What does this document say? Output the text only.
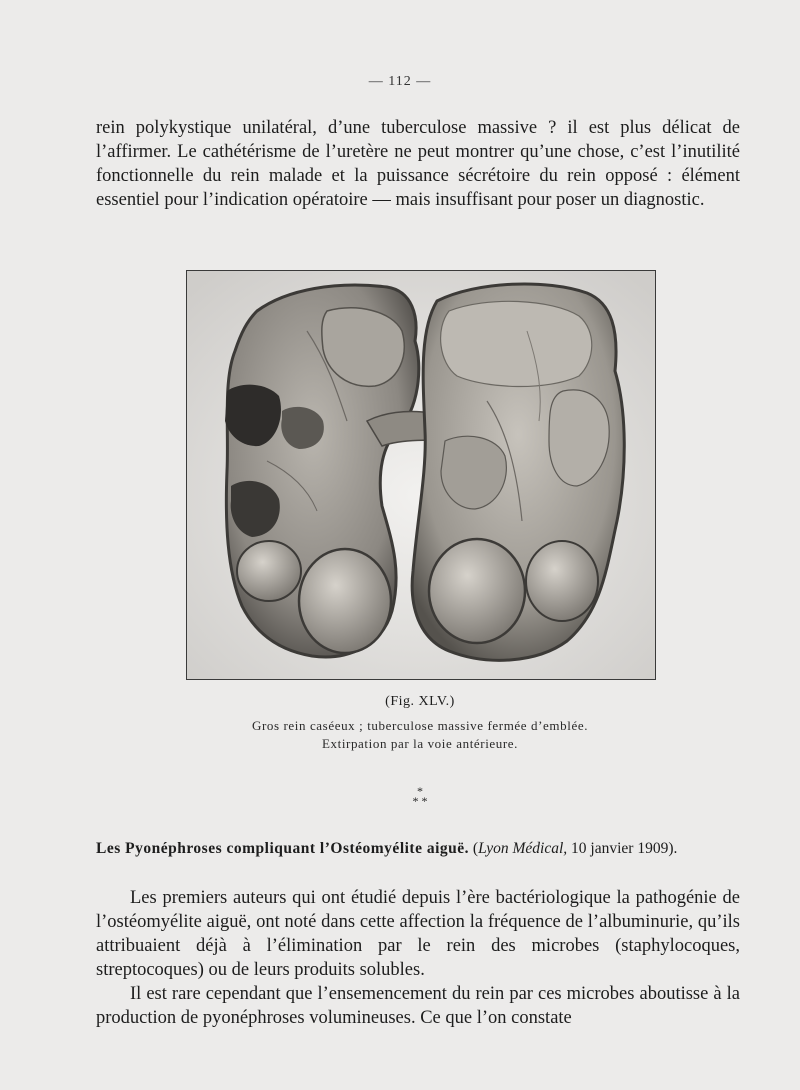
— 112 —

rein polykystique unilatéral, d’une tuberculose massive ? il est plus délicat de l’affirmer. Le cathétérisme de l’uretère ne peut montrer qu’une chose, c’est l’inutilité fonctionnelle du rein malade et la puissance sécrétoire du rein opposé : élément essentiel pour l’indication opératoire — mais insuffisant pour poser un diagnostic.

(Fig. XLV.)
Gros rein caséeux ; tuberculose massive fermée d’emblée.
Extirpation par la voie antérieure.
*
* *

Les Pyonéphroses compliquant l’Ostéomyélite aiguë. (Lyon Médical, 10 janvier 1909).

Les premiers auteurs qui ont étudié depuis l’ère bactériologique la pathogénie de l’ostéomyélite aiguë, ont noté dans cette affection la fréquence de l’albuminurie, qu’ils attribuaient déjà à l’élimination par le rein des microbes (staphylocoques, streptocoques) ou de leurs produits solubles.

Il est rare cependant que l’ensemencement du rein par ces microbes aboutisse à la production de pyonéphroses volumineuses. Ce que l’on constate
